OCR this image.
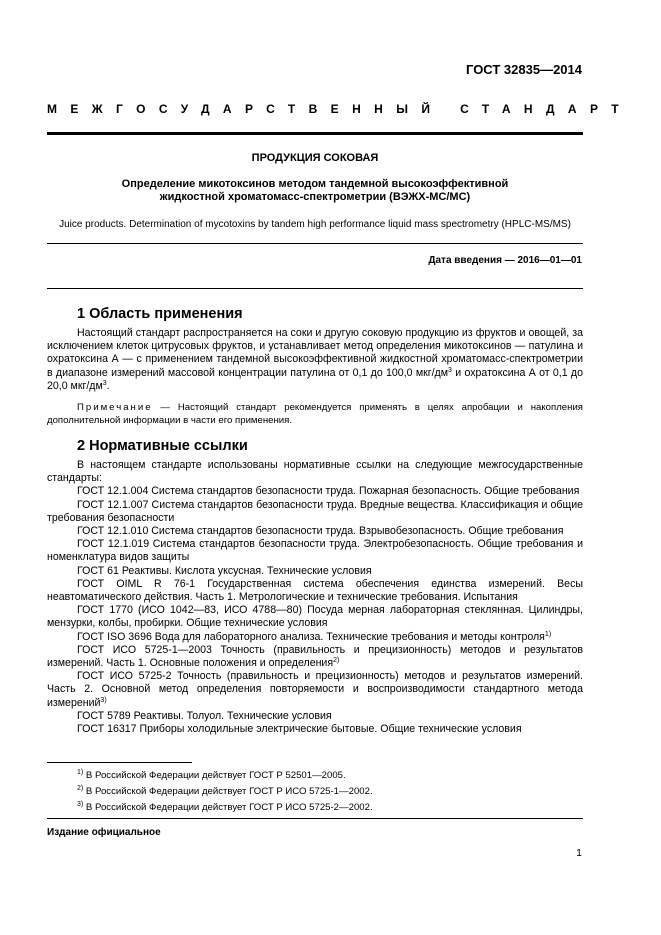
ГОСТ 32835—2014
МЕЖГОСУДАРСТВЕННЫЙ СТАНДАРТ
ПРОДУКЦИЯ СОКОВАЯ
Определение микотоксинов методом тандемной высокоэффективной
жидкостной хроматомасс-спектрометрии (ВЭЖХ-МС/МС)
Juice products. Determination of mycotoxins by tandem high performance liquid mass spectrometry (HPLC-MS/MS)
Дата введения — 2016—01—01
1 Область применения

Настоящий стандарт распространяется на соки и другую соковую продукцию из фруктов и овощей, за исключением клеток цитрусовых фруктов, и устанавливает метод определения микотоксинов — патулина и охратоксина А — с применением тандемной высокоэффективной жидкостной хроматомасс-спектрометрии в диапазоне измерений массовой концентрации патулина от 0,1 до 100,0 мкг/$дм^3$ и охратоксина А от 0,1 до 20,0 мкг/$дм^3$.

Примечание — Настоящий стандарт рекомендуется применять в целях апробации и накопления дополнительной информации в части его применения.

2 Нормативные ссылки

В настоящем стандарте использованы нормативные ссылки на следующие межгосударственные стандарты:

ГОСТ 12.1.004 Система стандартов безопасности труда. Пожарная безопасность. Общие требования

ГОСТ 12.1.007 Система стандартов безопасности труда. Вредные вещества. Классификация и общие требования безопасности

ГОСТ 12.1.010 Система стандартов безопасности труда. Взрывобезопасность. Общие требования

ГОСТ 12.1.019 Система стандартов безопасности труда. Электробезопасность. Общие требования и номенклатура видов защиты

ГОСТ 61 Реактивы. Кислота уксусная. Технические условия

ГОСТ OIML R 76-1 Государственная система обеспечения единства измерений. Весы неавтоматического действия. Часть 1. Метрологические и технические требования. Испытания

ГОСТ 1770 (ИСО 1042—83, ИСО 4788—80) Посуда мерная лабораторная стеклянная. Цилиндры, мензурки, колбы, пробирки. Общие технические условия

ГОСТ ISO 3696 Вода для лабораторного анализа. Технические требования и методы контроля$^{1)}$

ГОСТ ИСО 5725-1—2003 Точность (правильность и прецизионность) методов и результатов измерений. Часть 1. Основные положения и определения$^{2)}$

ГОСТ ИСО 5725-2 Точность (правильность и прецизионность) методов и результатов измерений. Часть 2. Основной метод определения повторяемости и воспроизводимости стандартного метода измерений$^{3)}$

ГОСТ 5789 Реактивы. Толуол. Технические условия

ГОСТ 16317 Приборы холодильные электрические бытовые. Общие технические условия

$^{1)}$ В Российской Федерации действует ГОСТ Р 52501—2005.
$^{2)}$ В Российской Федерации действует ГОСТ Р ИСО 5725-1—2002.
$^{3)}$ В Российской Федерации действует ГОСТ Р ИСО 5725-2—2002.
Издание официальное
1
